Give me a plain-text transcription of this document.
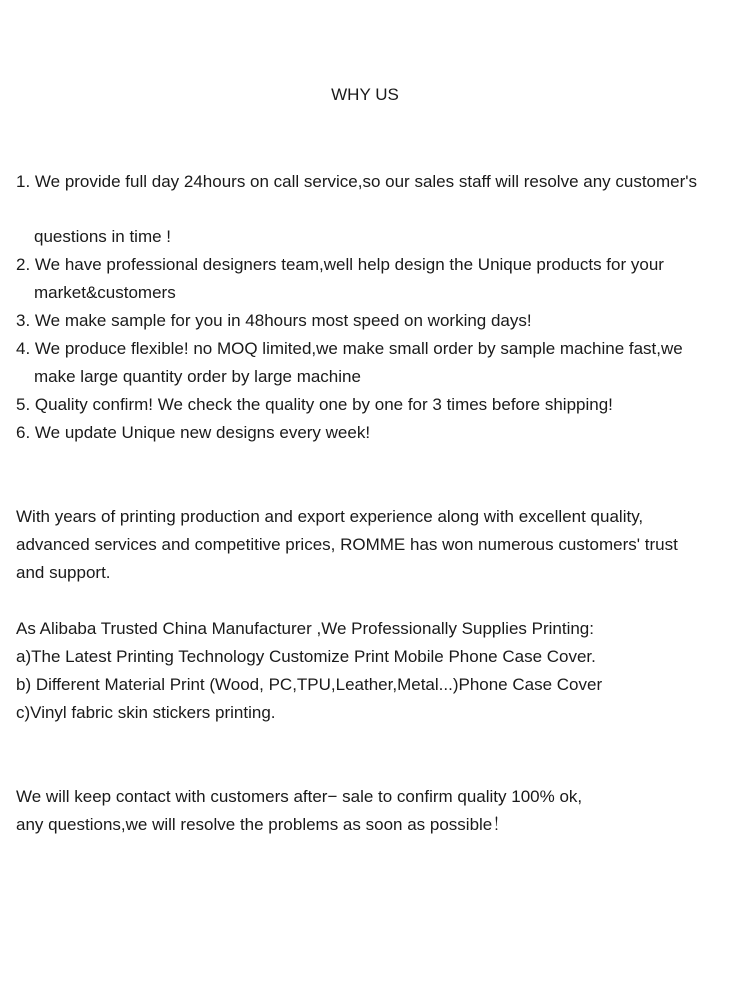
WHY US
1. We provide full day 24hours on call service,so our sales staff will resolve any customer's
questions in time !
2. We have professional designers team,well help design the Unique products for your
market&customers
3. We make sample for you in 48hours most speed on working days!
4. We produce flexible! no MOQ limited,we make small order by sample machine fast,we
make large quantity order by large machine
5. Quality confirm! We check the quality one by one for 3 times before shipping!
6. We update Unique new designs every week!
With years of printing production and export experience along with excellent quality,
advanced services and competitive prices, ROMME has won numerous customers' trust
and support.
As Alibaba Trusted China Manufacturer ,We Professionally Supplies Printing:
a)The Latest Printing Technology Customize Print Mobile Phone Case Cover.
b) Different Material Print (Wood, PC,TPU,Leather,Metal...)Phone Case Cover
c)Vinyl fabric skin stickers printing.
We will keep contact with customers after− sale to confirm quality 100% ok,
any questions,we will resolve the problems as soon as possible！
